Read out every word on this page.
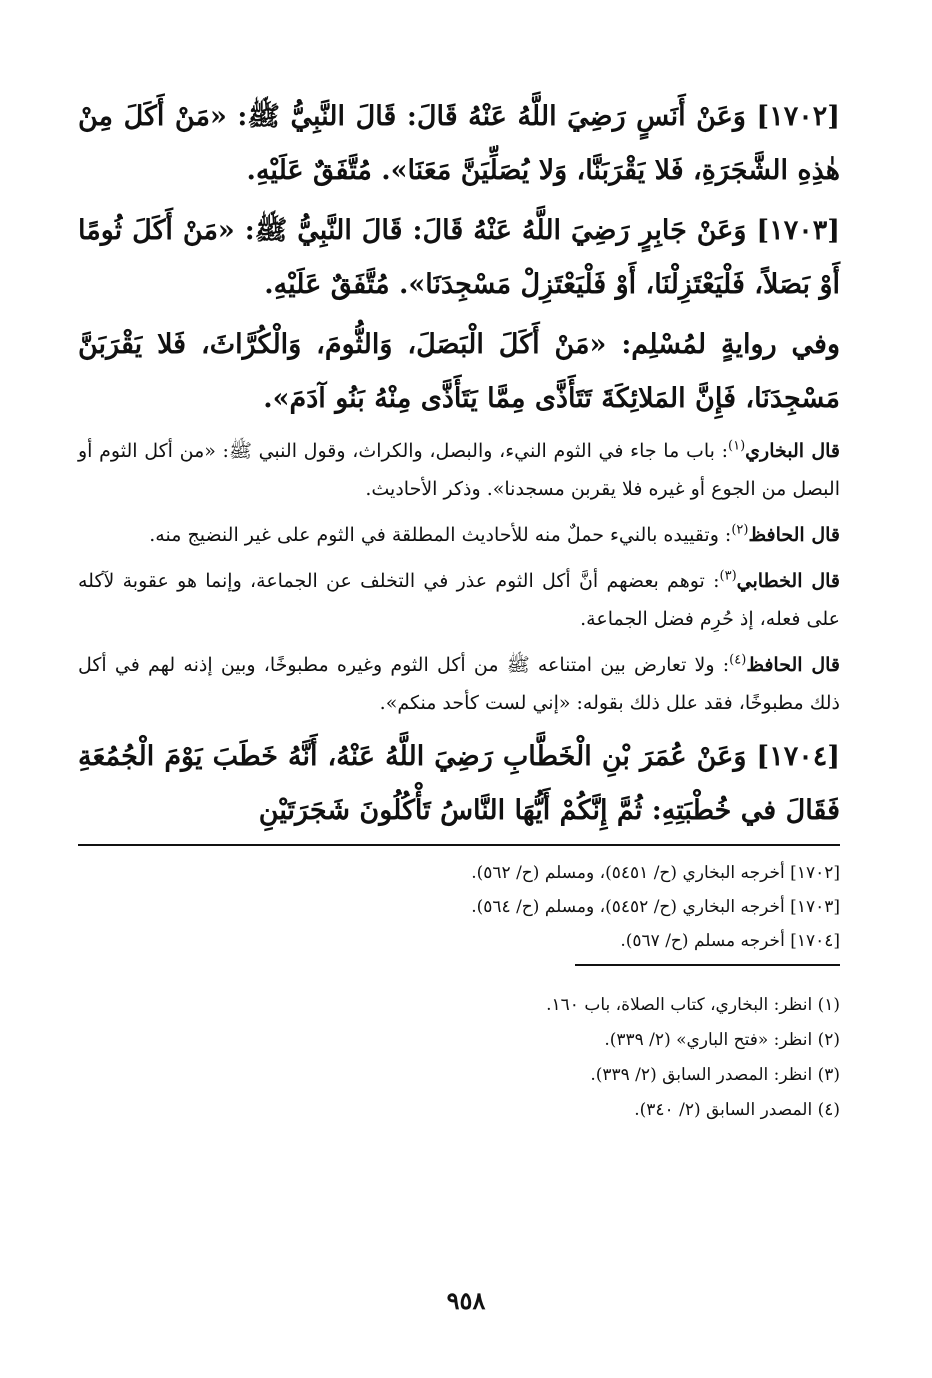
[١٧٠٢] وَعَنْ أَنَسٍ رَضِيَ اللَّهُ عَنْهُ قَالَ: قَالَ النَّبِيُّ ﷺ: «مَنْ أَكَلَ مِنْ هٰذِهِ الشَّجَرَةِ، فَلا يَقْرَبَنَّا، وَلا يُصَلِّيَنَّ مَعَنَا». مُتَّفَقٌ عَلَيْهِ.

[١٧٠٣] وَعَنْ جَابِرٍ رَضِيَ اللَّهُ عَنْهُ قَالَ: قَالَ النَّبِيُّ ﷺ: «مَنْ أَكَلَ ثُومًا أَوْ بَصَلاً، فَلْيَعْتَزِلْنَا، أَوْ فَلْيَعْتَزِلْ مَسْجِدَنَا». مُتَّفَقٌ عَلَيْهِ.

وفي روايةٍ لمُسْلِم: «مَنْ أَكَلَ الْبَصَلَ، وَالثُّومَ، وَالْكُرَّاثَ، فَلا يَقْرَبَنَّ مَسْجِدَنَا، فَإِنَّ المَلائِكَةَ تَتَأَذَّى مِمَّا يَتَأَذَّى مِنْهُ بَنُو آدَمَ».

قال البخاري$^{(١)}$: باب ما جاء في الثوم النيء، والبصل، والكراث، وقول النبي ﷺ: «من أكل الثوم أو البصل من الجوع أو غيره فلا يقربن مسجدنا». وذكر الأحاديث.

قال الحافظ$^{(٢)}$: وتقييده بالنيء حملٌ منه للأحاديث المطلقة في الثوم على غير النضيج منه.

قال الخطابي$^{(٣)}$: توهم بعضهم أنَّ أكل الثوم عذر في التخلف عن الجماعة، وإنما هو عقوبة لآكله على فعله، إذ حُرِم فضل الجماعة.

قال الحافظ$^{(٤)}$: ولا تعارض بين امتناعه ﷺ من أكل الثوم وغيره مطبوخًا، وبين إذنه لهم في أكل ذلك مطبوخًا، فقد علل ذلك بقوله: «إني لست كأحد منكم».

[١٧٠٤] وَعَنْ عُمَرَ بْنِ الْخَطَّابِ رَضِيَ اللَّهُ عَنْهُ، أَنَّهُ خَطَبَ يَوْمَ الْجُمُعَةِ فَقَالَ في خُطْبَتِهِ: ثُمَّ إِنَّكُمْ أَيُّهَا النَّاسُ تَأْكُلُونَ شَجَرَتَيْنِ

[١٧٠٢] أخرجه البخاري (ح/ ٥٤٥١)، ومسلم (ح/ ٥٦٢).

[١٧٠٣] أخرجه البخاري (ح/ ٥٤٥٢)، ومسلم (ح/ ٥٦٤).

[١٧٠٤] أخرجه مسلم (ح/ ٥٦٧).

(١) انظر: البخاري، كتاب الصلاة، باب ١٦٠.
(٢) انظر: «فتح الباري» (٢/ ٣٣٩).
(٣) انظر: المصدر السابق (٢/ ٣٣٩).
(٤) المصدر السابق (٢/ ٣٤٠).
٩٥٨
